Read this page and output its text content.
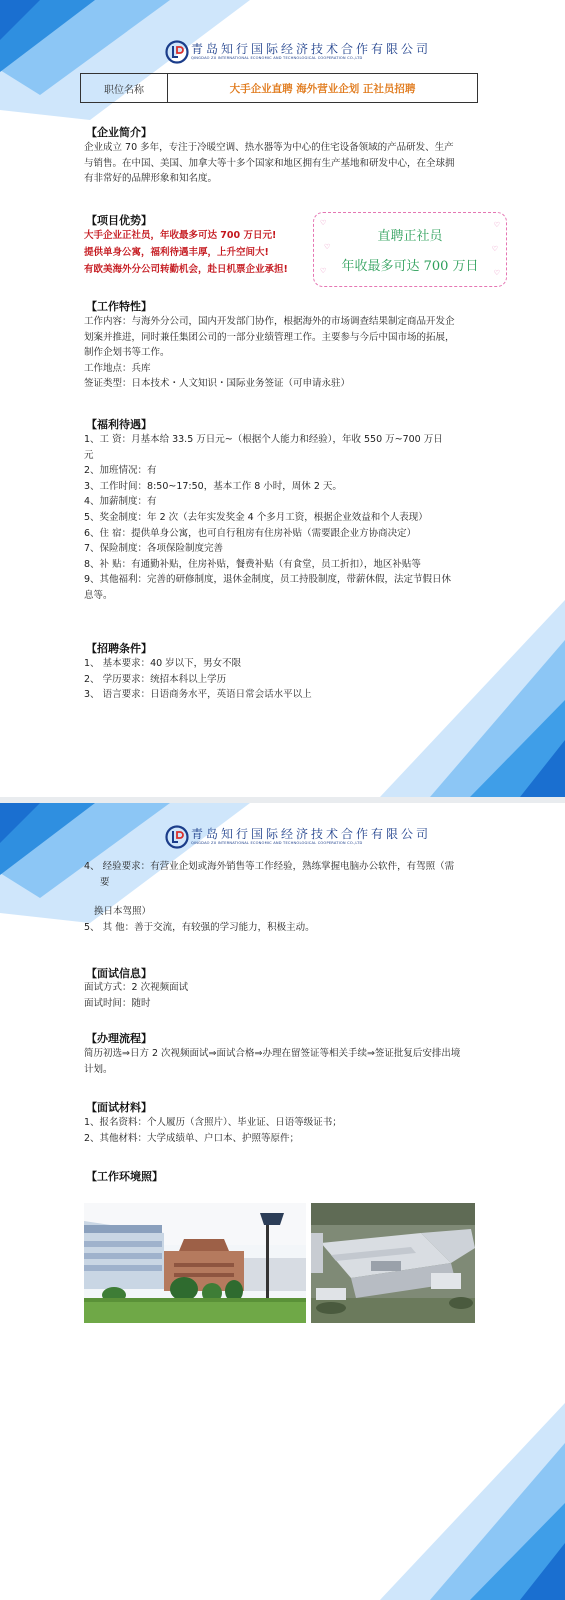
青岛知行国际经济技术合作有限公司
QINGDAO ZX INTERNATIONAL ECONOMIC AND TECHNOLOGICAL COOPERATION CO.,LTD
职位名称	大手企业直聘 海外营业企划 正社员招聘
【企业简介】
企业成立 70 多年，专注于冷暖空调、热水器等为中心的住宅设备领域的产品研发、生产
与销售。在中国、美国、加拿大等十多个国家和地区拥有生产基地和研发中心，在全球拥
有非常好的品牌形象和知名度。
【项目优势】
大手企业正社员，年收最多可达 700 万日元!
提供单身公寓，福利待遇丰厚，上升空间大!
有欧美海外分公司转勤机会，赴日机票企业承担!
♡
♡
♡
♡
♡
♡
直聘正社员
年收最多可达 700 万日
【工作特性】
工作内容：与海外分公司，国内开发部门协作，根据海外的市场调查结果制定商品开发企
划案并推进，同时兼任集团公司的一部分业绩管理工作。主要参与今后中国市场的拓展，
制作企划书等工作。
工作地点：兵库
签证类型：日本技术・人文知识・国际业务签证（可申请永驻）
【福利待遇】
1、工 资：月基本给 33.5 万日元~（根据个人能力和经验），年收 550 万~700 万日
元
2、加班情况：有
3、工作时间：8:50~17:50，基本工作 8 小时，周休 2 天。
4、加薪制度：有
5、奖金制度：年 2 次（去年实发奖金 4 个多月工资，根据企业效益和个人表现）
6、住 宿：提供单身公寓，也可自行租房有住房补贴（需要跟企业方协商决定）
7、保险制度：各项保险制度完善
8、补 贴：有通勤补贴，住房补贴，餐费补贴（有食堂，员工折扣），地区补贴等
9、其他福利：完善的研修制度，退休金制度，员工持股制度，带薪休假，法定节假日休
息等。
【招聘条件】
1、 基本要求：40 岁以下，男女不限
2、 学历要求：统招本科以上学历
3、 语言要求：日语商务水平，英语日常会话水平以上
青岛知行国际经济技术合作有限公司
QINGDAO ZX INTERNATIONAL ECONOMIC AND TECHNOLOGICAL COOPERATION CO.,LTD
4、 经验要求：有营业企划或海外销售等工作经验，熟练掌握电脑办公软件，有驾照（需
要
换日本驾照）
5、 其 他：善于交流，有较强的学习能力，积极主动。
【面试信息】
面试方式：2 次视频面试
面试时间：随时
【办理流程】
简历初选⇒日方 2 次视频面试⇒面试合格⇒办理在留签证等相关手续⇒签证批复后安排出境
计划。
【面试材料】
1、报名资料：个人履历（含照片）、毕业证、日语等级证书；
2、其他材料：大学成绩单、户口本、护照等原件；
【工作环境照】
